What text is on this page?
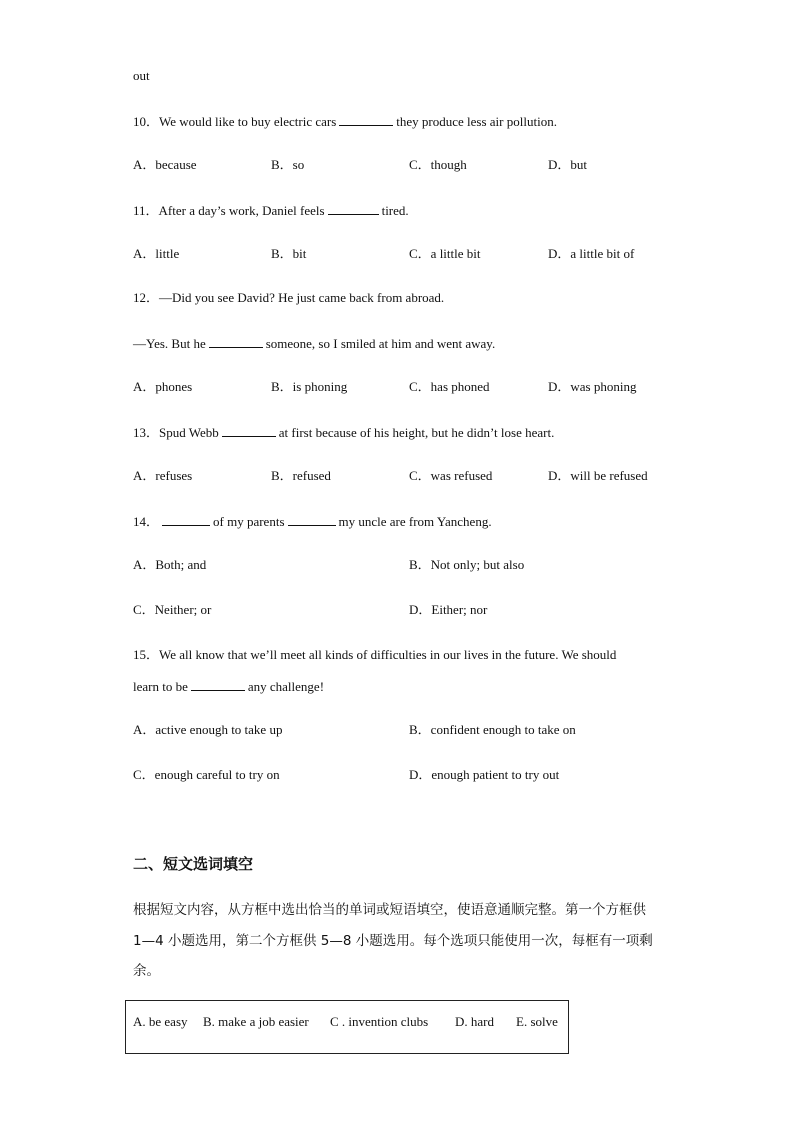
out
10．We would like to buy electric cars	they produce less air pollution.
A．because	B．so	C．though	D．but
11．After a day’s work, Daniel feels	tired.
A．little	B．bit	C．a little bit	D．a little bit of
12．—Did you see David? He just came back from abroad.
—Yes. But he	someone, so I smiled at him and went away.
A．phones	B．is phoning	C．has phoned	D．was phoning
13．Spud Webb	at first because of his height, but he didn’t lose heart.
A．refuses	B．refused	C．was refused	D．will be refused
14．	of my parents	my uncle are from Yancheng.
A．Both; and	B．Not only; but also
C．Neither; or	D．Either; nor
15．We all know that we’ll meet all kinds of difficulties in our lives in the future. We should
learn to be	any challenge!
A．active enough to take up	B．confident enough to take on
C．enough careful to try on	D．enough patient to try out
二、短文选词填空
根据短文内容，从方框中选出恰当的单词或短语填空，使语意通顺完整。第一个方框供
1—4 小题选用，第二个方框供 5—8 小题选用。每个选项只能使用一次，每框有一项剩
余。
A. be easy B. make a job easier C . invention clubs D. hard E. solve
